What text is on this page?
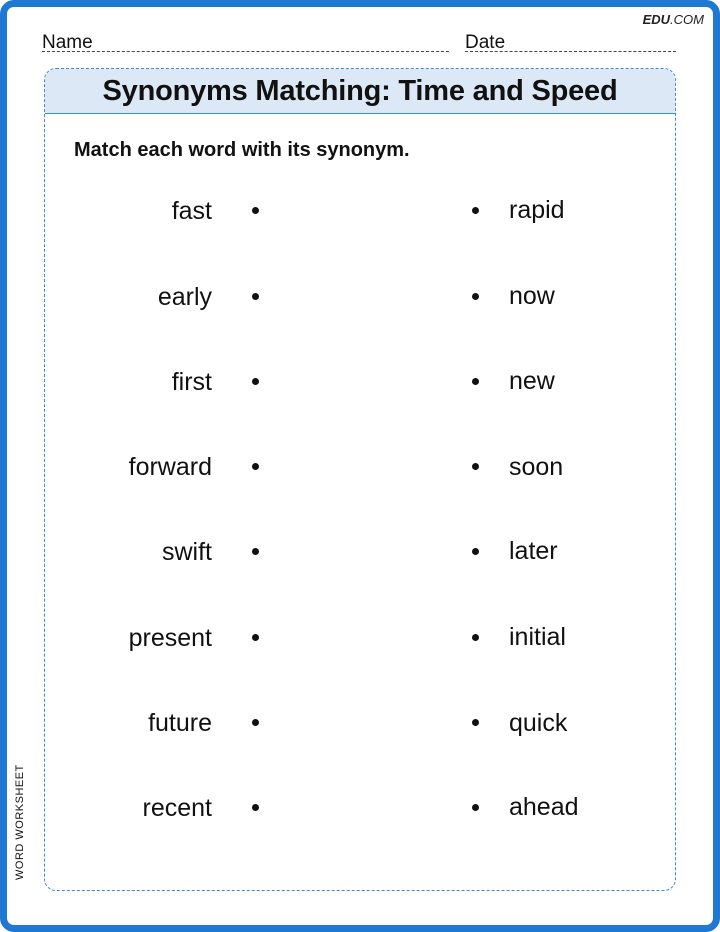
EDU.COM
Name	Date
Synonyms Matching: Time and Speed
Match each word with its synonym.
fast	rapid
early	now
first	new
forward	soon
swift	later
present	initial
future	quick
recent	ahead
WORD WORKSHEET
